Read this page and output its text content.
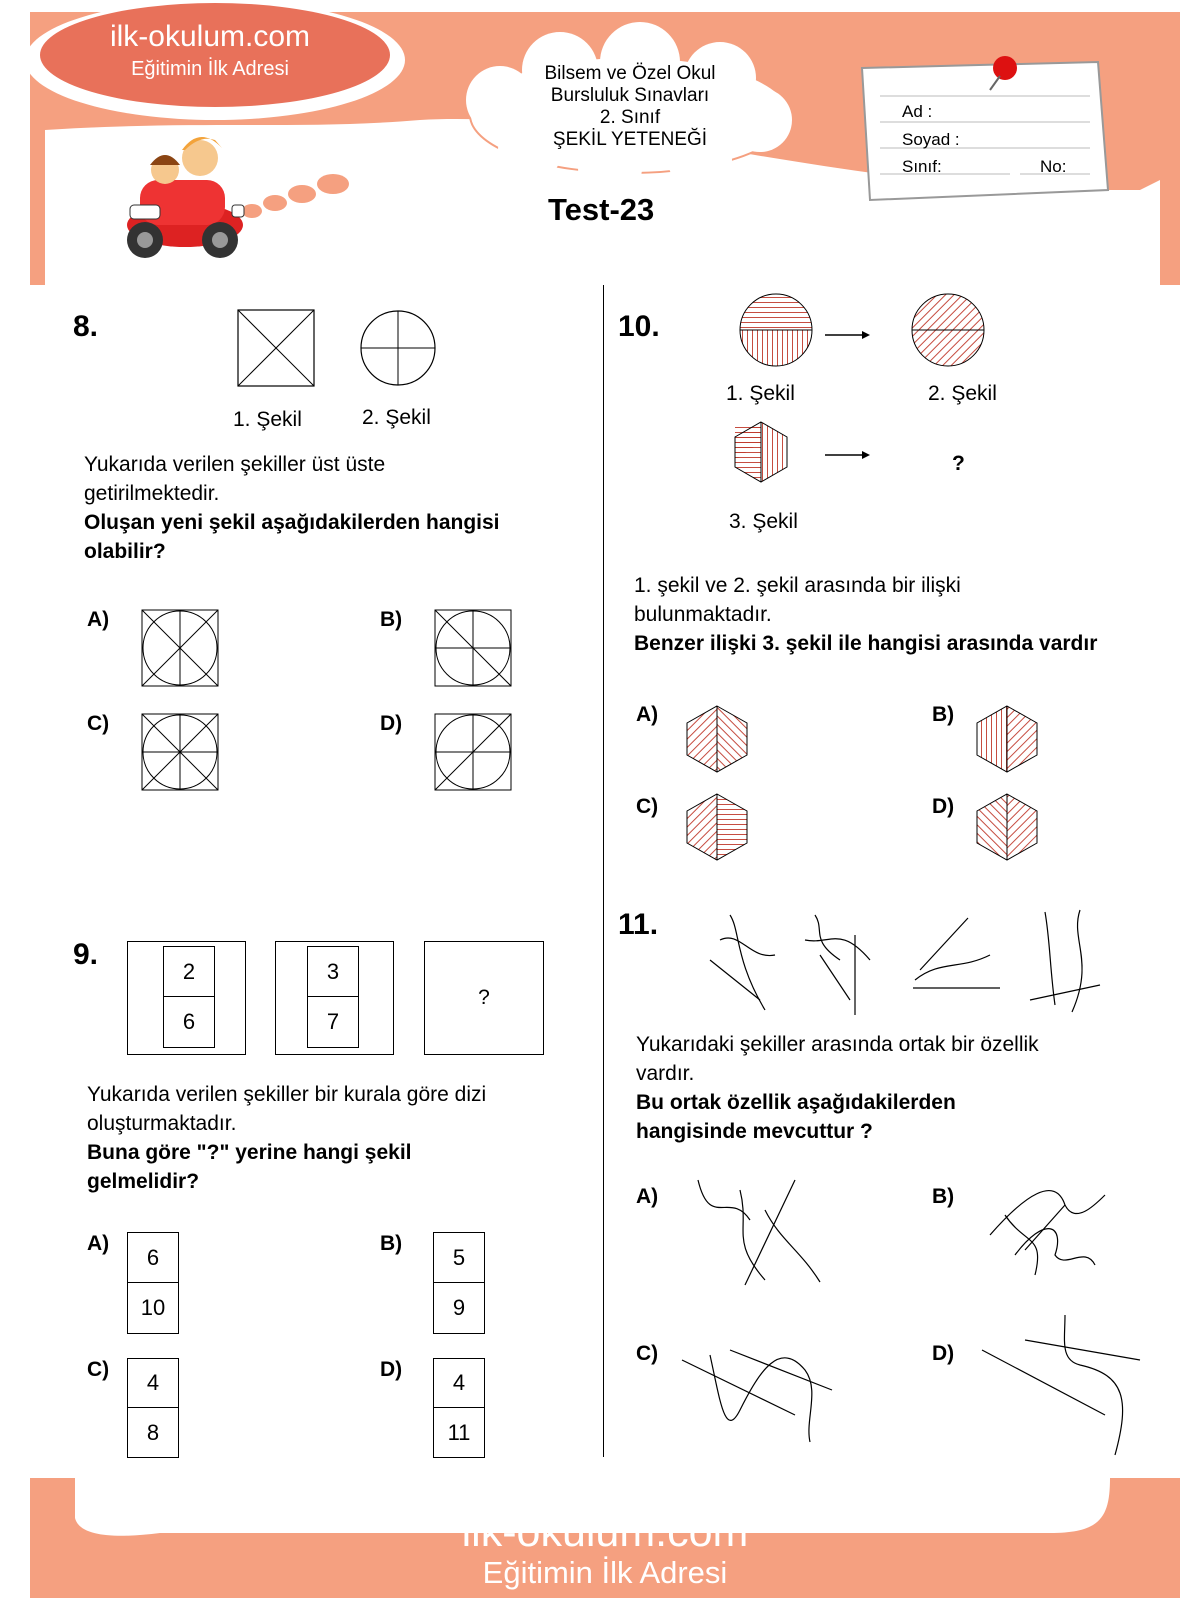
ilk-okulum.com
Eğitimin İlk Adresi	Bilsem ve Özel Okul
Bursluluk Sınavları
2. Sınıf
ŞEKİL YETENEĞİ
Test-23
Ad :
Soyad :
Sınıf:	No:
8.
1. Şekil	2. Şekil
Yukarıda verilen şekiller üst üste
getirilmektedir.
Oluşan yeni şekil aşağıdakilerden hangisi olabilir?
A)	B)
C)	D)
9.	2
6
3
7
?
Yukarıda verilen şekiller bir kurala göre dizi oluşturmaktadır.
Buna göre "?" yerine hangi şekil gelmelidir?
A)
6
10
B)
5
9
C)
4
8
D)
4
11
10.
1. Şekil	2. Şekil
3. Şekil
?
1. şekil ve 2. şekil arasında bir ilişki bulunmaktadır.
Benzer ilişki 3. şekil ile hangisi arasında vardır
A)	B)
C)	D)
11.
Yukarıdaki şekiller arasında ortak bir özellik vardır.
Bu ortak özellik aşağıdakilerden hangisinde mevcuttur ?
A)	B)
C)	D)
ilk-okulum.com
Eğitimin İlk Adresi
